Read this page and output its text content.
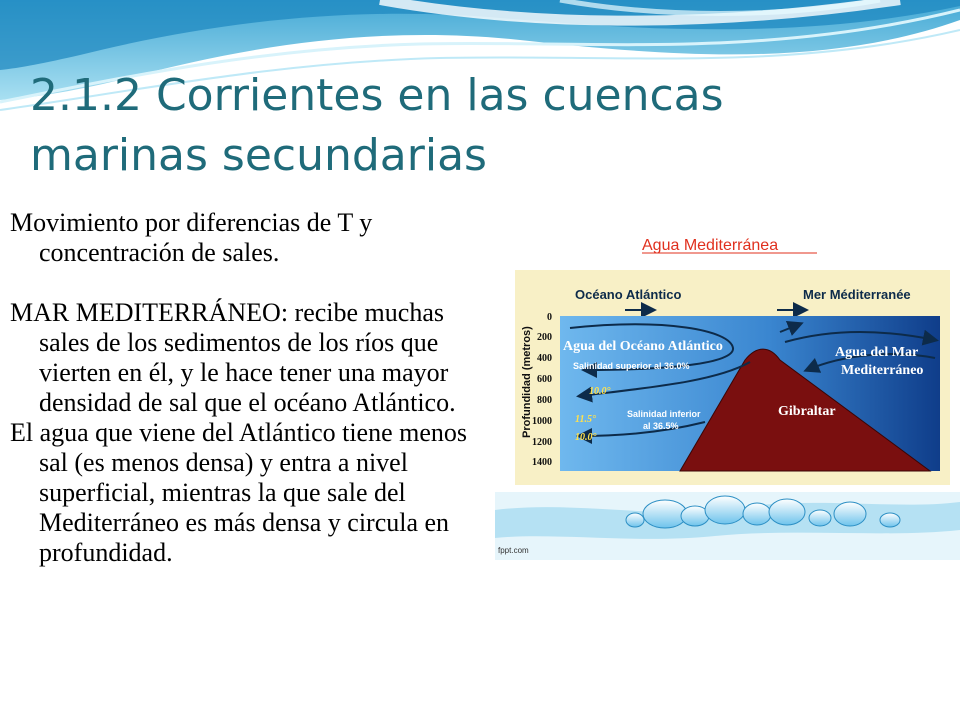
2.1.2 Corrientes en las cuencas
marinas secundarias

Movimiento por diferencias de T y concentración de sales.

MAR MEDITERRÁNEO: recibe muchas sales de los sedimentos de los ríos que vierten en él, y le hace tener una mayor densidad de sal que el océano Atlántico.

El agua que viene del Atlántico tiene menos sal (es menos densa) y entra a nivel superficial, mientras la que sale del Mediterráneo es más densa y circula en profundidad.

Agua Mediterránea
Océano Atlántico	Mer Méditerranée
Gibraltar
Agua del Océano Atlántico
Salinidad superior al 36.0%
Agua del Mar
Mediterráneo
Salinidad inferior
al 36.5%
10.0°
11.5°
10.0°
Profundidad (metros)
0
200
400
600
800
1000
1200
1400
fppt.com
